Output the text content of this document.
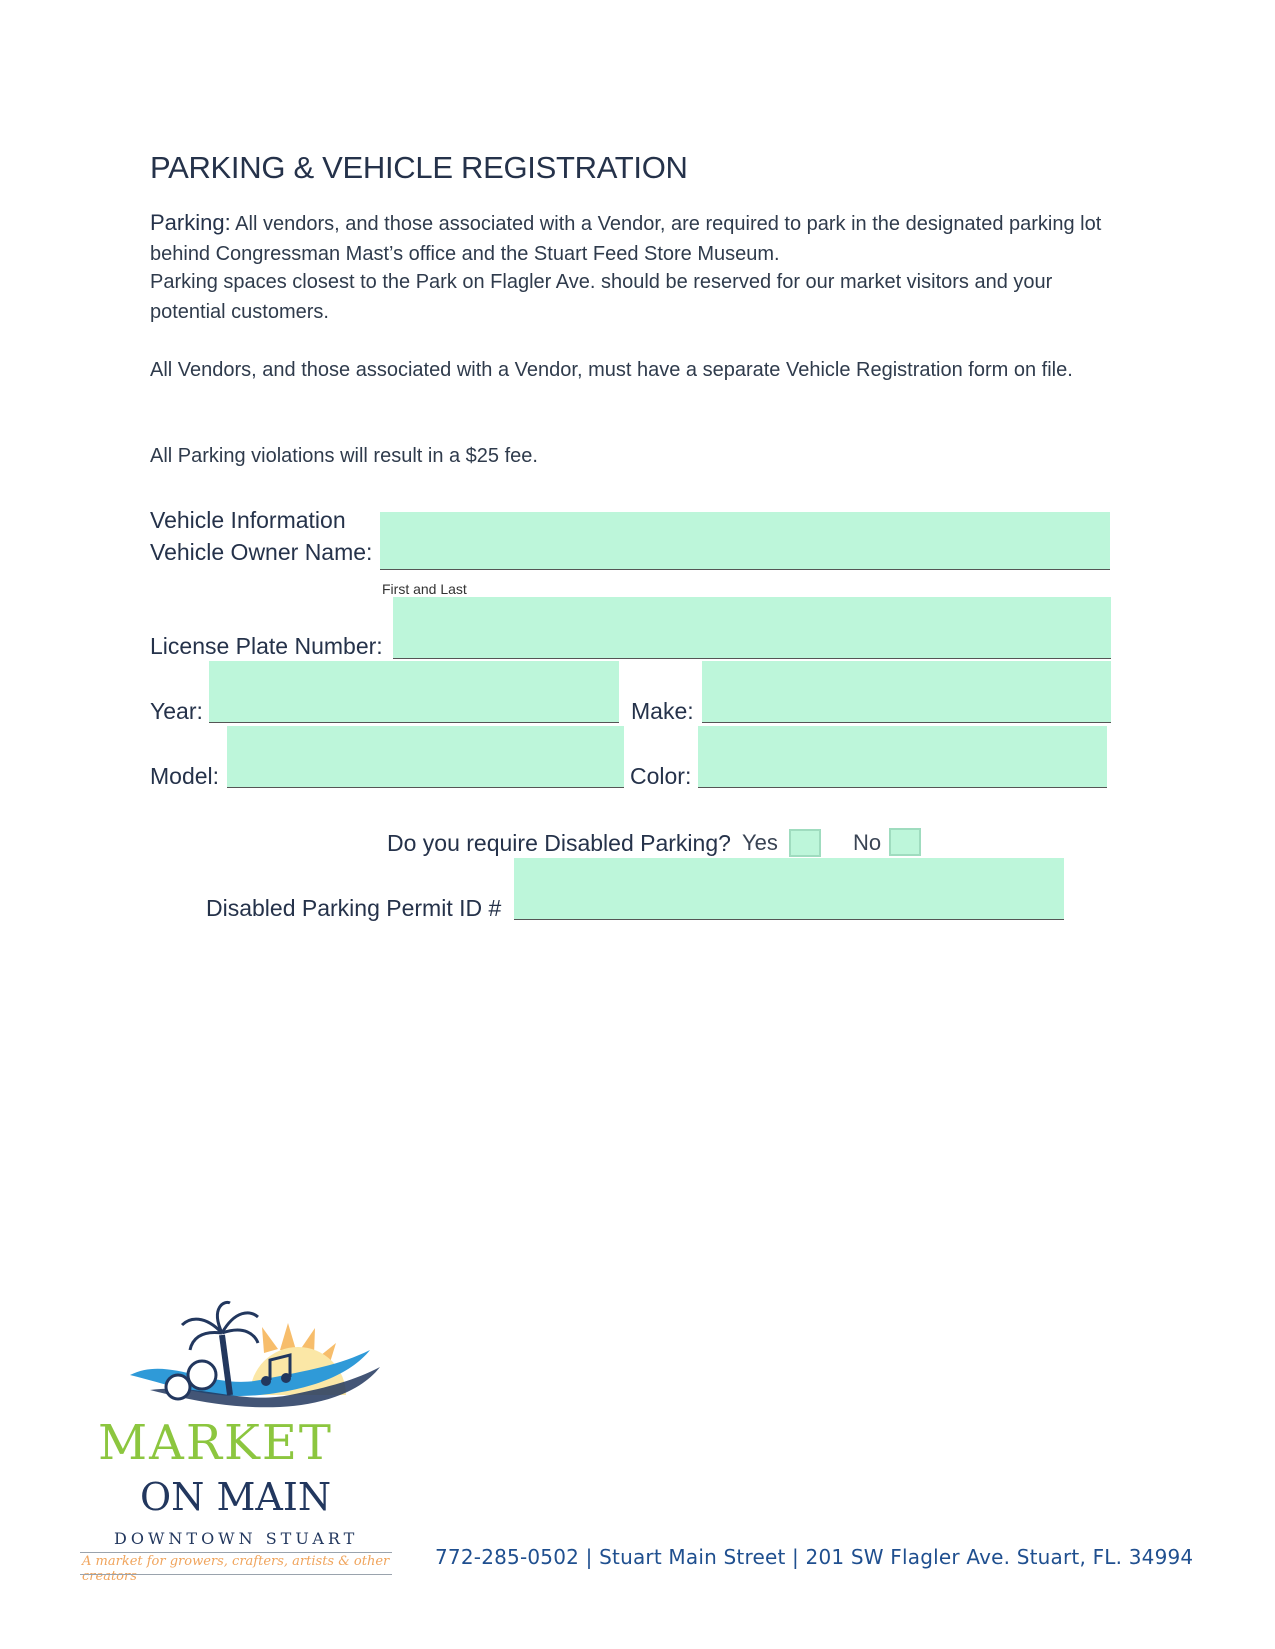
PARKING & VEHICLE REGISTRATION
Parking: All vendors, and those associated with a Vendor, are required to park in the designated parking lot behind Congressman Mast’s office and the Stuart Feed Store Museum.
Parking spaces closest to the Park on Flagler Ave. should be reserved for our market visitors and your potential customers.
All Vendors, and those associated with a Vendor, must have a separate Vehicle Registration form on file.
All Parking violations will result in a $25 fee.
Vehicle Information
Vehicle Owner Name:
First and Last
License Plate Number:
Year:	Make:
Model:	Color:
Do you require Disabled Parking? Yes	No
Disabled Parking Permit ID #
MARKET
ON MAIN
DOWNTOWN STUART
A market for growers, crafters, artists & other creators
772-285-0502 | Stuart Main Street | 201 SW Flagler Ave. Stuart, FL. 34994
